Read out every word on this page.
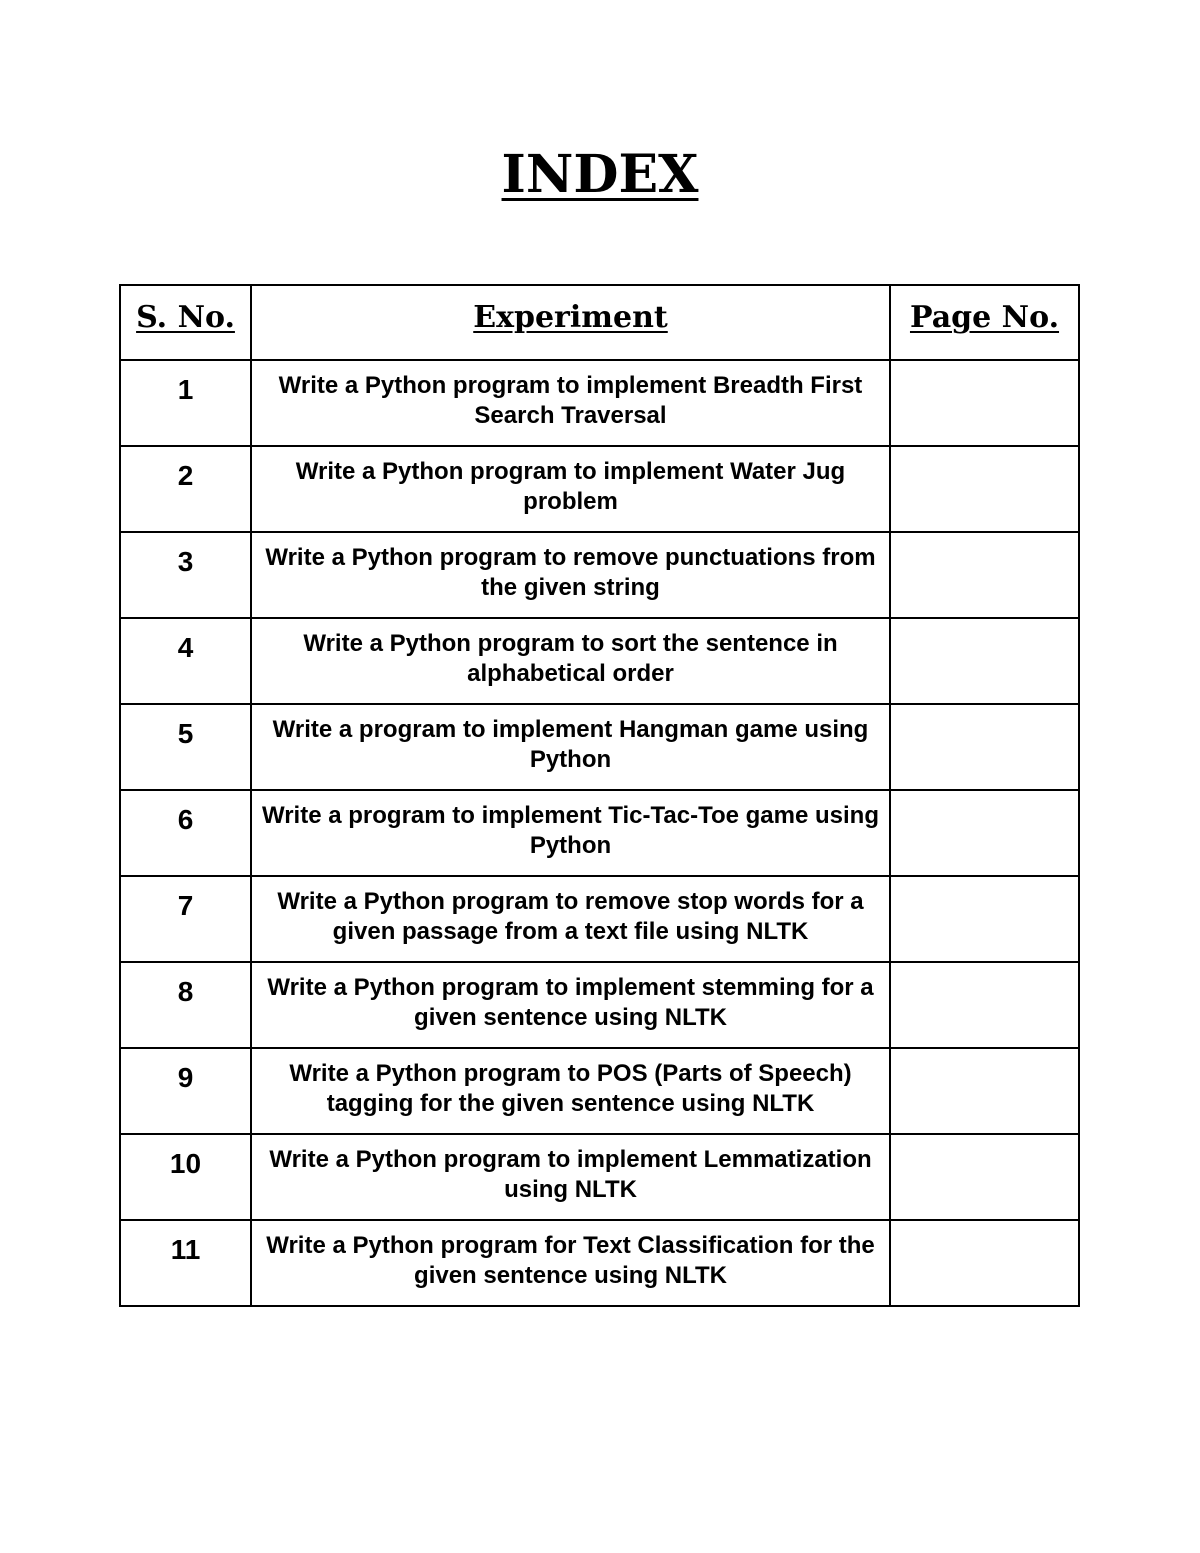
INDEX
S. No.	Experiment	Page No.
1	Write a Python program to implement Breadth First Search Traversal	
2	Write a Python program to implement Water Jug problem	
3	Write a Python program to remove punctuations from the given string	
4	Write a Python program to sort the sentence in alphabetical order	
5	Write a program to implement Hangman game using Python	
6	Write a program to implement Tic-Tac-Toe game using Python	
7	Write a Python program to remove stop words for a given passage from a text file using NLTK	
8	Write a Python program to implement stemming for a given sentence using NLTK	
9	Write a Python program to POS (Parts of Speech) tagging for the given sentence using NLTK	
10	Write a Python program to implement Lemmatization using NLTK	
11	Write a Python program for Text Classification for the given sentence using NLTK	
